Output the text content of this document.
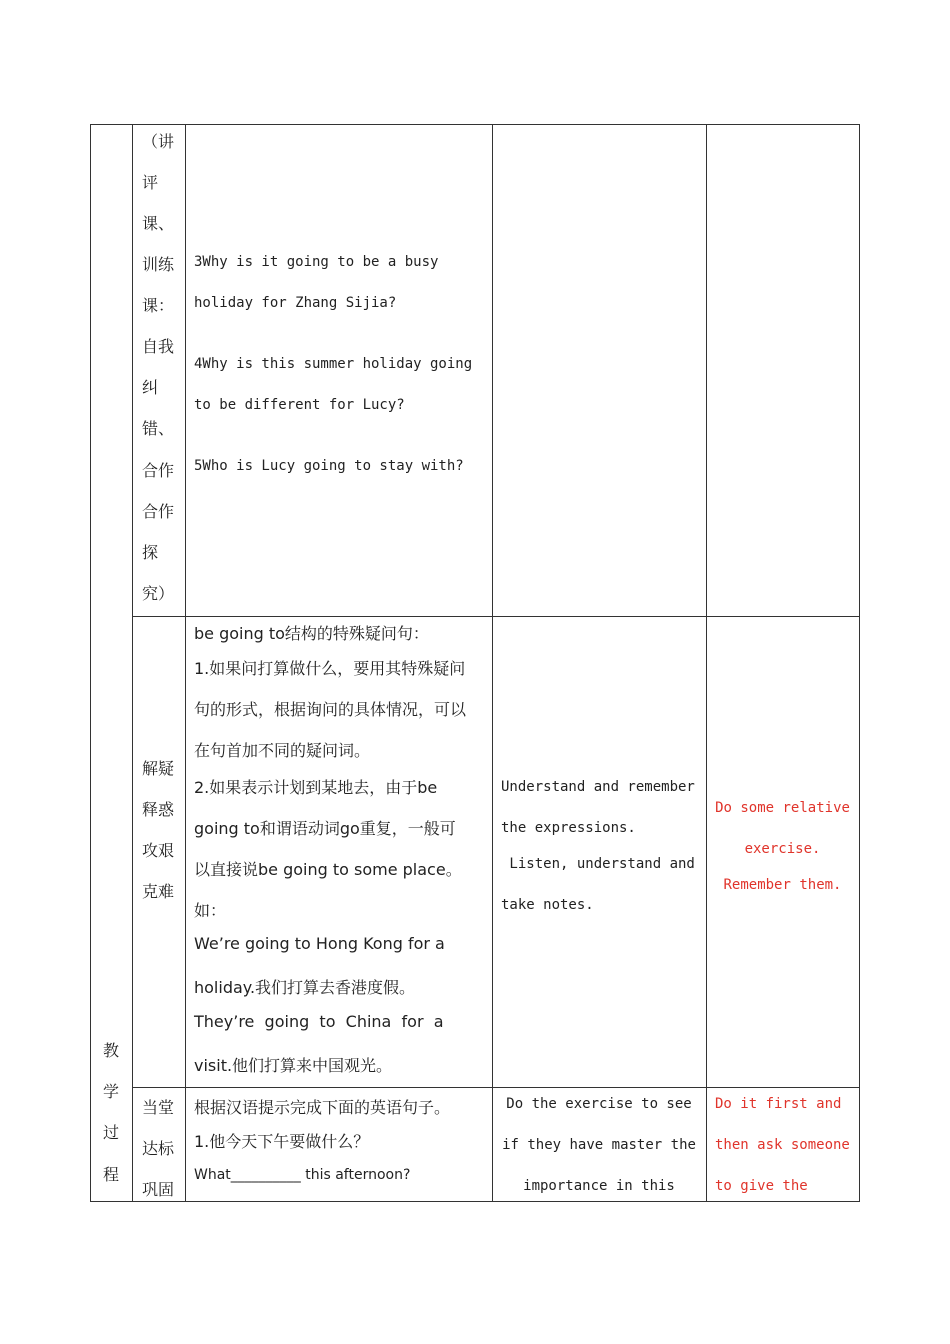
教
学
过
程
（讲
评
课、
训练
课：
自我
纠
错、
合作
合作
探
究）

3Why is it going to be a busy

holiday for Zhang Sijia?

4Why is this summer holiday going

to be different for Lucy?

5Who is Lucy going to stay with?

解疑
释惑
攻艰
克难
be going to结构的特殊疑问句：
1.如果问打算做什么，要用其特殊疑问
句的形式，根据询问的具体情况，可以
在句首加不同的疑问词。
2.如果表示计划到某地去，由于be
going to和谓语动词go重复，一般可
以直接说be going to some place。
如：
We’re going to Hong Kong for a
holiday.我们打算去香港度假。
They’re  going  to  China  for  a
visit.他们打算来中国观光。

Understand and remember

the expressions.

Listen, understand and

take notes.

Do some relative

exercise.

Remember them.

当堂
达标
巩固
根据汉语提示完成下面的英语句子。
1.他今天下午要做什么？
What__________ this afternoon?

Do the exercise to see

if they have master the

importance in this

Do it first and

then ask someone

to give the
